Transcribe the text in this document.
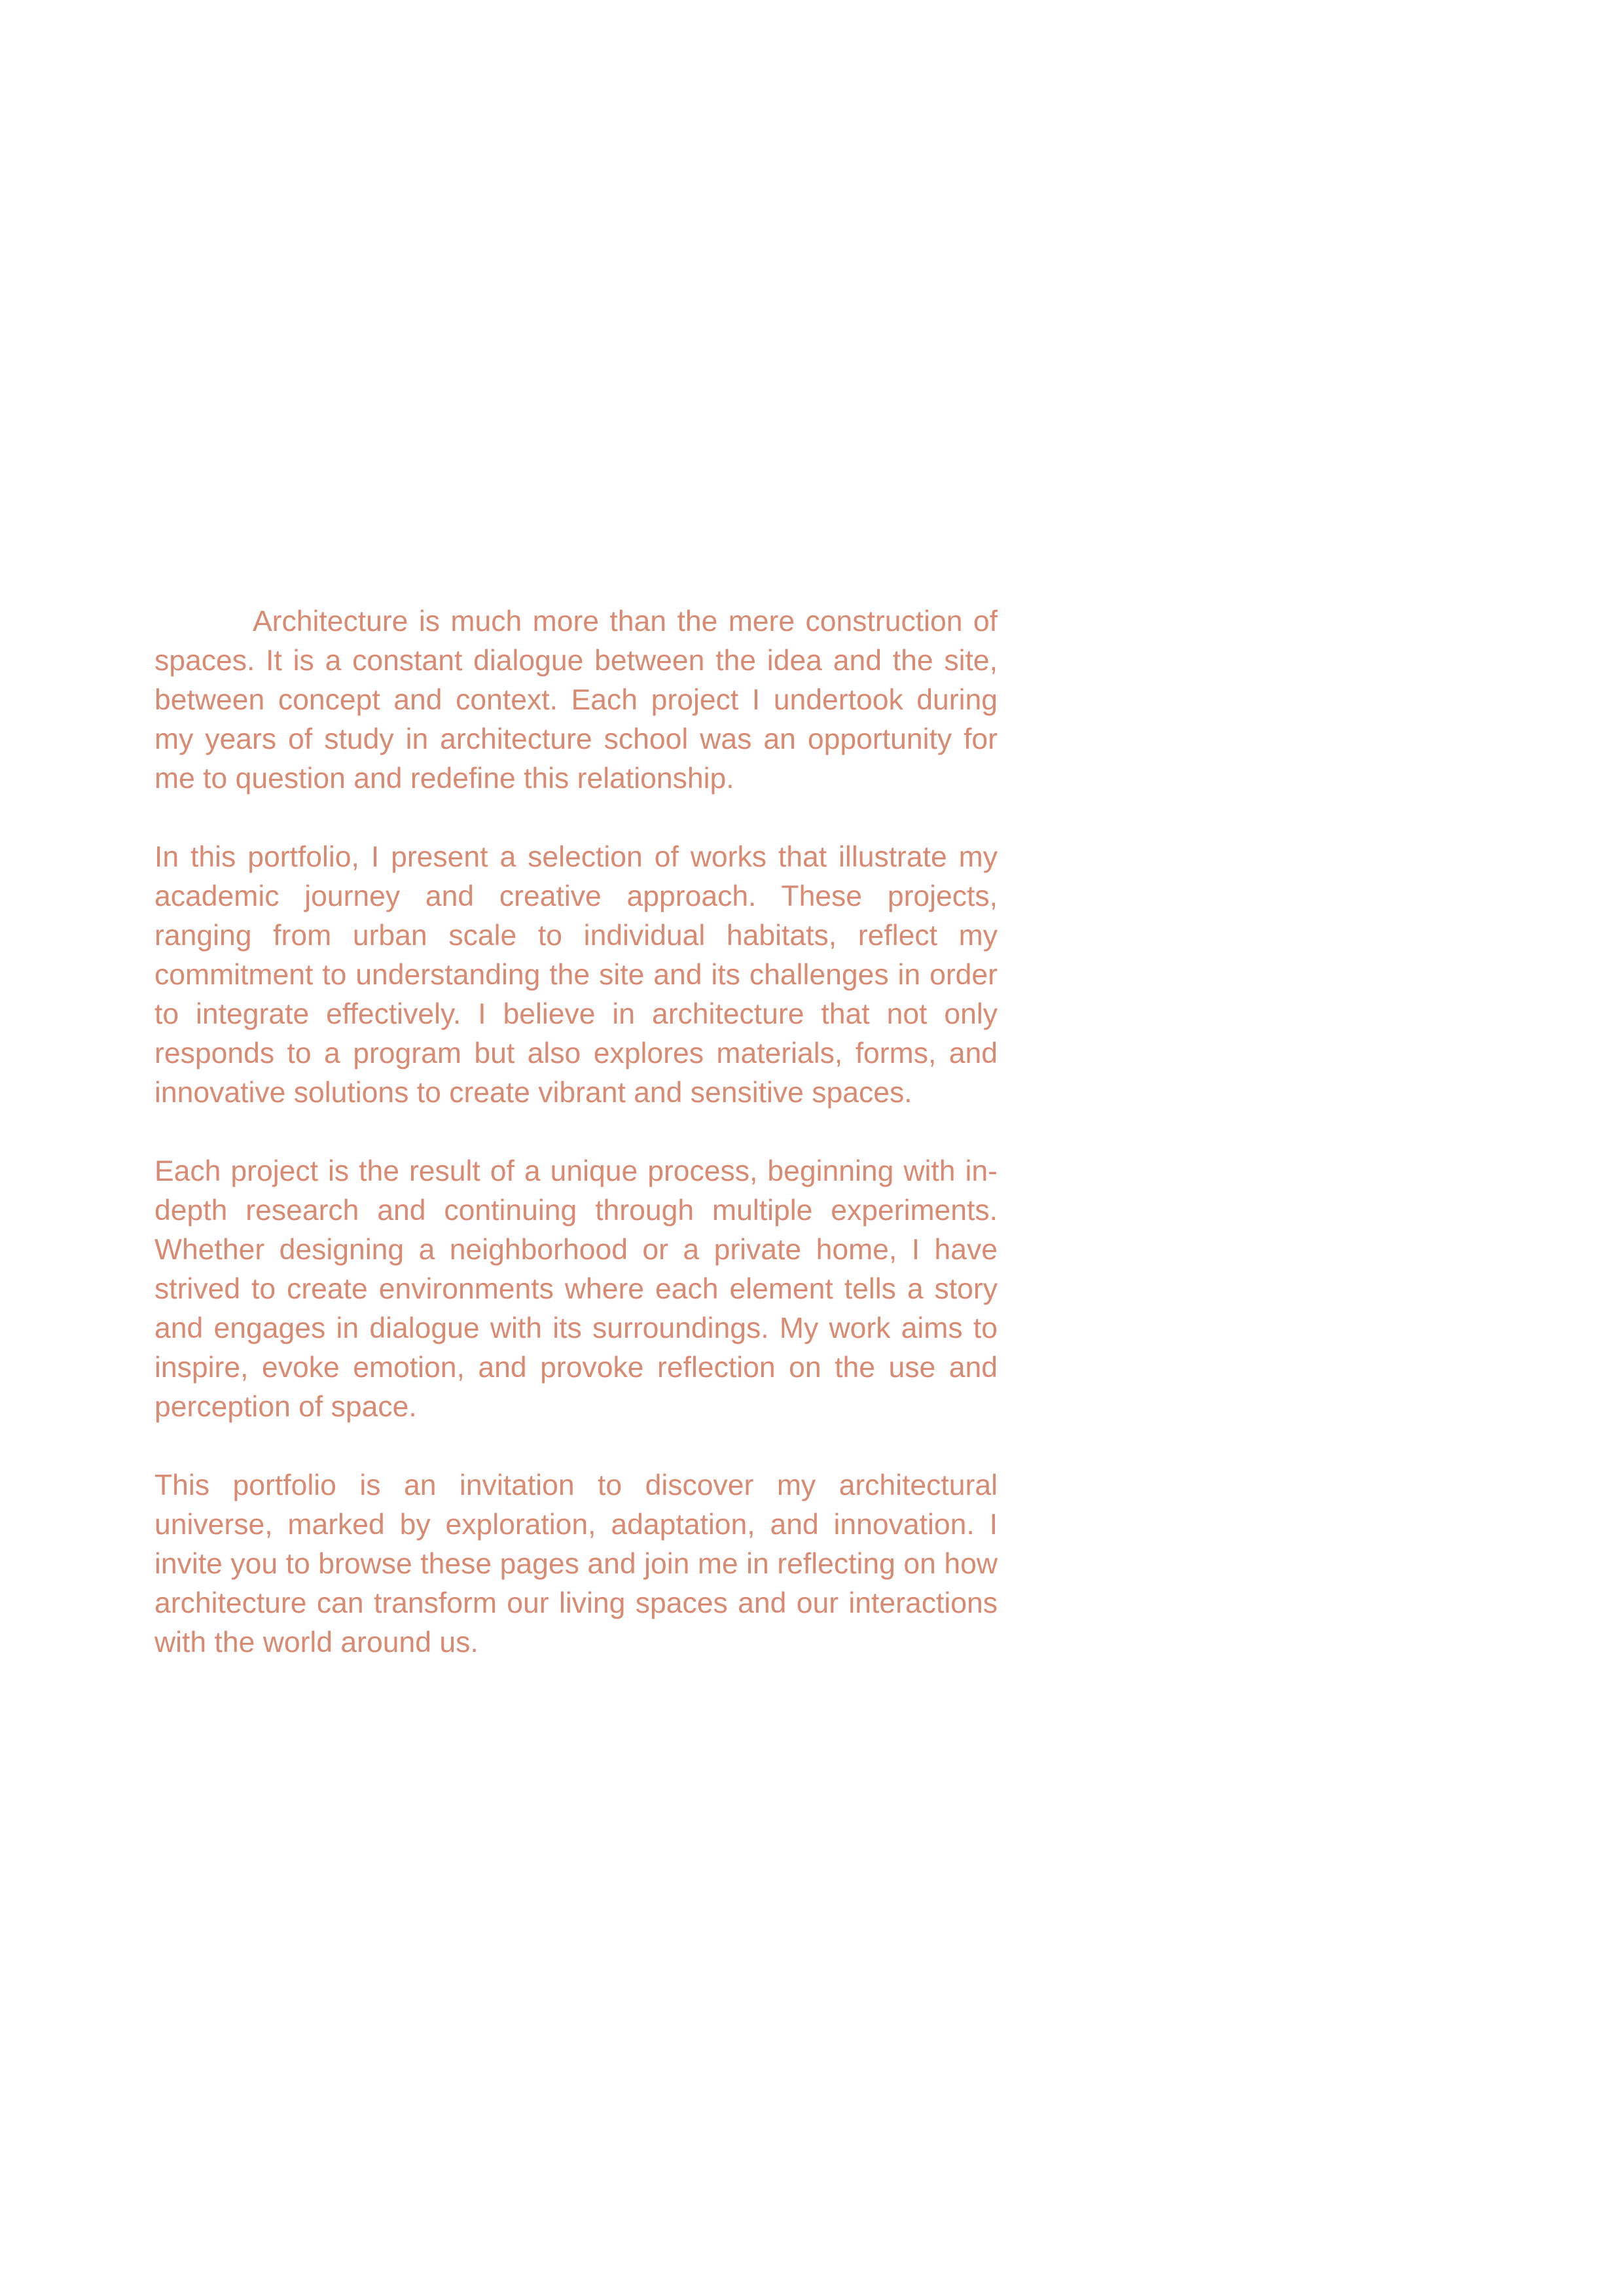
Architecture is much more than the mere construction of spaces. It is a constant dialogue between the idea and the site, between concept and context. Each project I undertook during my years of study in architecture school was an opportunity for me to question and redefine this relationship.

In this portfolio, I present a selection of works that illustrate my academic journey and creative approach. These projects, ranging from urban scale to individual habitats, reflect my commitment to understanding the site and its challenges in order to integrate effectively. I believe in architecture that not only responds to a program but also explores materials, forms, and innovative solutions to create vibrant and sensitive spaces.

Each project is the result of a unique process, beginning with in-depth research and continuing through multiple experiments. Whether designing a neighborhood or a private home, I have strived to create environments where each element tells a story and engages in dialogue with its surroundings. My work aims to inspire, evoke emotion, and provoke reflection on the use and perception of space.

This portfolio is an invitation to discover my architectural universe, marked by exploration, adaptation, and innovation. I invite you to browse these pages and join me in reflecting on how architecture can transform our living spaces and our interactions with the world around us.
